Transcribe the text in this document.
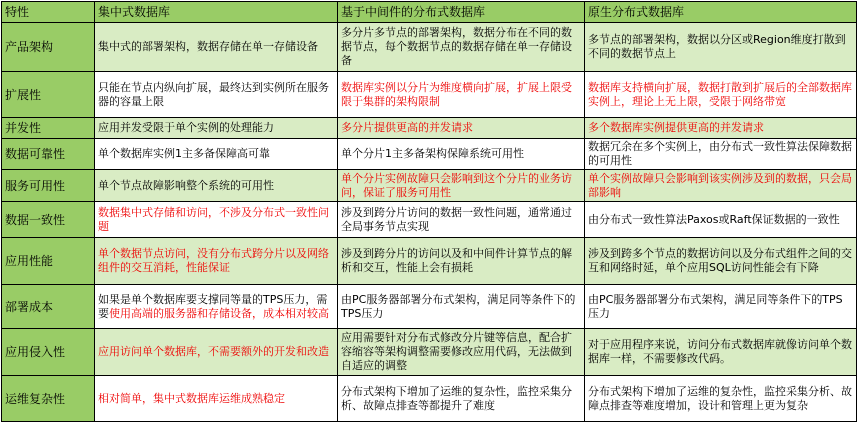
特性	集中式数据库	基于中间件的分布式数据库	原生分布式数据库
产品架构	集中式的部署架构，数据存储在单一存储设备	多分片多节点的部署架构，数据分布在不同的数据节点，每个数据节点的数据存储在单一存储设备	多节点的部署架构，数据以分区或Region维度打散到不同的数据节点上
扩展性	只能在节点内纵向扩展，最终达到实例所在服务器的容量上限	数据库实例以分片为维度横向扩展，扩展上限受限于集群的架构限制	数据库支持横向扩展，数据打散到扩展后的全部数据库实例上，理论上无上限，受限于网络带宽
并发性	应用并发受限于单个实例的处理能力	多分片提供更高的并发请求	多个数据库实例提供更高的并发请求
数据可靠性	单个数据库实例1主多备保障高可靠	单个分片1主多备架构保障系统可用性	数据冗余在多个实例上，由分布式一致性算法保障数据的可用性
服务可用性	单个节点故障影响整个系统的可用性	单个分片实例故障只会影响到这个分片的业务访问，保证了服务可用性	单个实例故障只会影响到该实例涉及到的数据，只会局部影响
数据一致性	数据集中式存储和访问，不涉及分布式一致性问题	涉及到跨分片访问的数据一致性问题，通常通过全局事务节点实现	由分布式一致性算法Paxos或Raft保证数据的一致性
应用性能	单个数据节点访问，没有分布式跨分片以及网络组件的交互消耗，性能保证	涉及到跨分片的访问以及和中间件计算节点的解析和交互，性能上会有损耗	涉及到跨多个节点的数据访问以及分布式组件之间的交互和网络时延，单个应用SQL访问性能会有下降
部署成本	如果是单个数据库要支撑同等量的TPS压力，需要使用高端的服务器和存储设备，成本相对较高	由PC服务器部署分布式架构，满足同等条件下的TPS压力	由PC服务器部署分布式架构，满足同等条件下的TPS压力
应用侵入性	应用访问单个数据库，不需要额外的开发和改造	应用需要针对分布式修改分片键等信息，配合扩容缩容等架构调整需要修改应用代码，无法做到自适应的调整	对于应用程序来说，访问分布式数据库就像访问单个数据库一样，不需要修改代码。
运维复杂性	相对简单，集中式数据库运维成熟稳定	分布式架构下增加了运维的复杂性，监控采集分析、故障点排查等都提升了难度	分布式架构下增加了运维的复杂性，监控采集分析、故障点排查等难度增加，设计和管理上更为复杂
